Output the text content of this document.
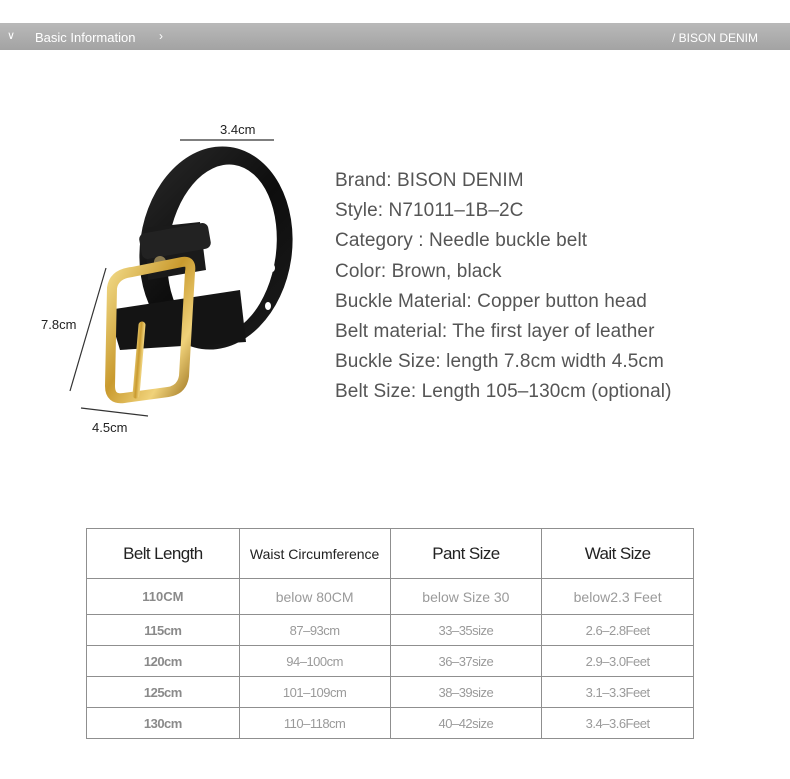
∨ Basic Information ›	/ BISON DENIM
3.4cm
7.8cm
4.5cm
Brand: BISON DENIM
Style: N71011–1B–2C
Category : Needle buckle belt
Color: Brown, black
Buckle Material: Copper button head
Belt material: The first layer of leather
Buckle Size: length 7.8cm width 4.5cm
Belt Size: Length 105–130cm (optional)
Belt Length	Waist Circumference	Pant Size	Wait Size
110CM	below 80CM	below Size 30	below2.3 Feet
115cm	87–93cm	33–35size	2.6–2.8Feet
120cm	94–100cm	36–37size	2.9–3.0Feet
125cm	101–109cm	38–39size	3.1–3.3Feet
130cm	110–118cm	40–42size	3.4–3.6Feet
